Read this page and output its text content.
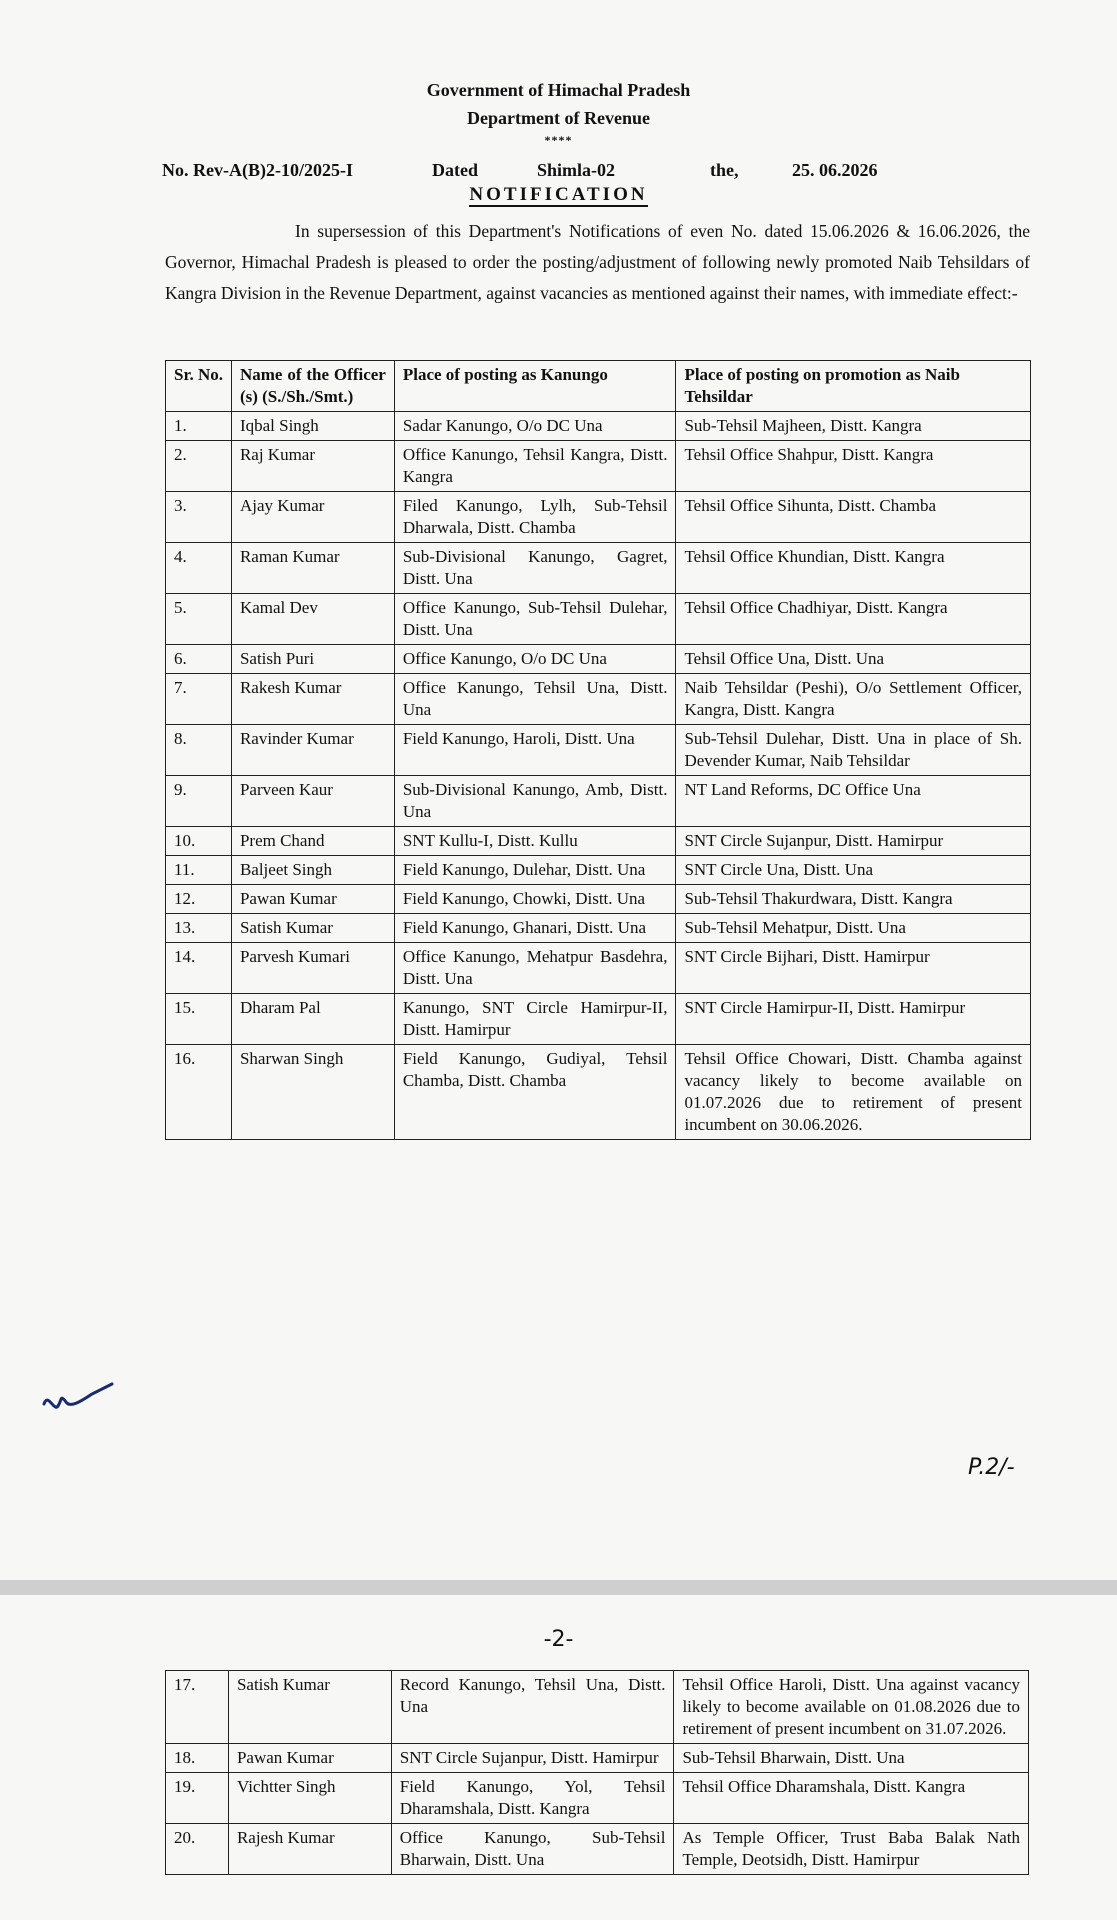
Government of Himachal Pradesh
Department of Revenue
****
No. Rev-A(B)2-10/2025-I	Dated	Shimla-02	the,	25. 06.2026
NOTIFICATION
In supersession of this Department's Notifications of even No. dated 15.06.2026 & 16.06.2026, the Governor, Himachal Pradesh is pleased to order the posting/adjustment of following newly promoted Naib Tehsildars of Kangra Division in the Revenue Department, against vacancies as mentioned against their names, with immediate effect:-
Sr. No.	Name of the Officer (s) (S./Sh./Smt.)	Place of posting as Kanungo	Place of posting on promotion as Naib Tehsildar
1.	Iqbal Singh	Sadar Kanungo, O/o DC Una	Sub-Tehsil Majheen, Distt. Kangra
2.	Raj Kumar	Office Kanungo, Tehsil Kangra, Distt. Kangra	Tehsil Office Shahpur, Distt. Kangra
3.	Ajay Kumar	Filed Kanungo, Lylh, Sub-Tehsil Dharwala, Distt. Chamba	Tehsil Office Sihunta, Distt. Chamba
4.	Raman Kumar	Sub-Divisional Kanungo, Gagret, Distt. Una	Tehsil Office Khundian, Distt. Kangra
5.	Kamal Dev	Office Kanungo, Sub-Tehsil Dulehar, Distt. Una	Tehsil Office Chadhiyar, Distt. Kangra
6.	Satish Puri	Office Kanungo, O/o DC Una	Tehsil Office Una, Distt. Una
7.	Rakesh Kumar	Office Kanungo, Tehsil Una, Distt. Una	Naib Tehsildar (Peshi), O/o Settlement Officer, Kangra, Distt. Kangra
8.	Ravinder Kumar	Field Kanungo, Haroli, Distt. Una	Sub-Tehsil Dulehar, Distt. Una in place of Sh. Devender Kumar, Naib Tehsildar
9.	Parveen Kaur	Sub-Divisional Kanungo, Amb, Distt. Una	NT Land Reforms, DC Office Una
10.	Prem Chand	SNT Kullu-I, Distt. Kullu	SNT Circle Sujanpur, Distt. Hamirpur
11.	Baljeet Singh	Field Kanungo, Dulehar, Distt. Una	SNT Circle Una, Distt. Una
12.	Pawan Kumar	Field Kanungo, Chowki, Distt. Una	Sub-Tehsil Thakurdwara, Distt. Kangra
13.	Satish Kumar	Field Kanungo, Ghanari, Distt. Una	Sub-Tehsil Mehatpur, Distt. Una
14.	Parvesh Kumari	Office Kanungo, Mehatpur Basdehra, Distt. Una	SNT Circle Bijhari, Distt. Hamirpur
15.	Dharam Pal	Kanungo, SNT Circle Hamirpur-II, Distt. Hamirpur	SNT Circle Hamirpur-II, Distt. Hamirpur
16.	Sharwan Singh	Field Kanungo, Gudiyal, Tehsil Chamba, Distt. Chamba	Tehsil Office Chowari, Distt. Chamba against vacancy likely to become available on 01.07.2026 due to retirement of present incumbent on 30.06.2026.
P.2/-
-2-
17.	Satish Kumar	Record Kanungo, Tehsil Una, Distt. Una	Tehsil Office Haroli, Distt. Una against vacancy likely to become available on 01.08.2026 due to retirement of present incumbent on 31.07.2026.
18.	Pawan Kumar	SNT Circle Sujanpur, Distt. Hamirpur	Sub-Tehsil Bharwain, Distt. Una
19.	Vichtter Singh	Field Kanungo, Yol, Tehsil Dharamshala, Distt. Kangra	Tehsil Office Dharamshala, Distt. Kangra
20.	Rajesh Kumar	Office Kanungo, Sub-Tehsil Bharwain, Distt. Una	As Temple Officer, Trust Baba Balak Nath Temple, Deotsidh, Distt. Hamirpur
